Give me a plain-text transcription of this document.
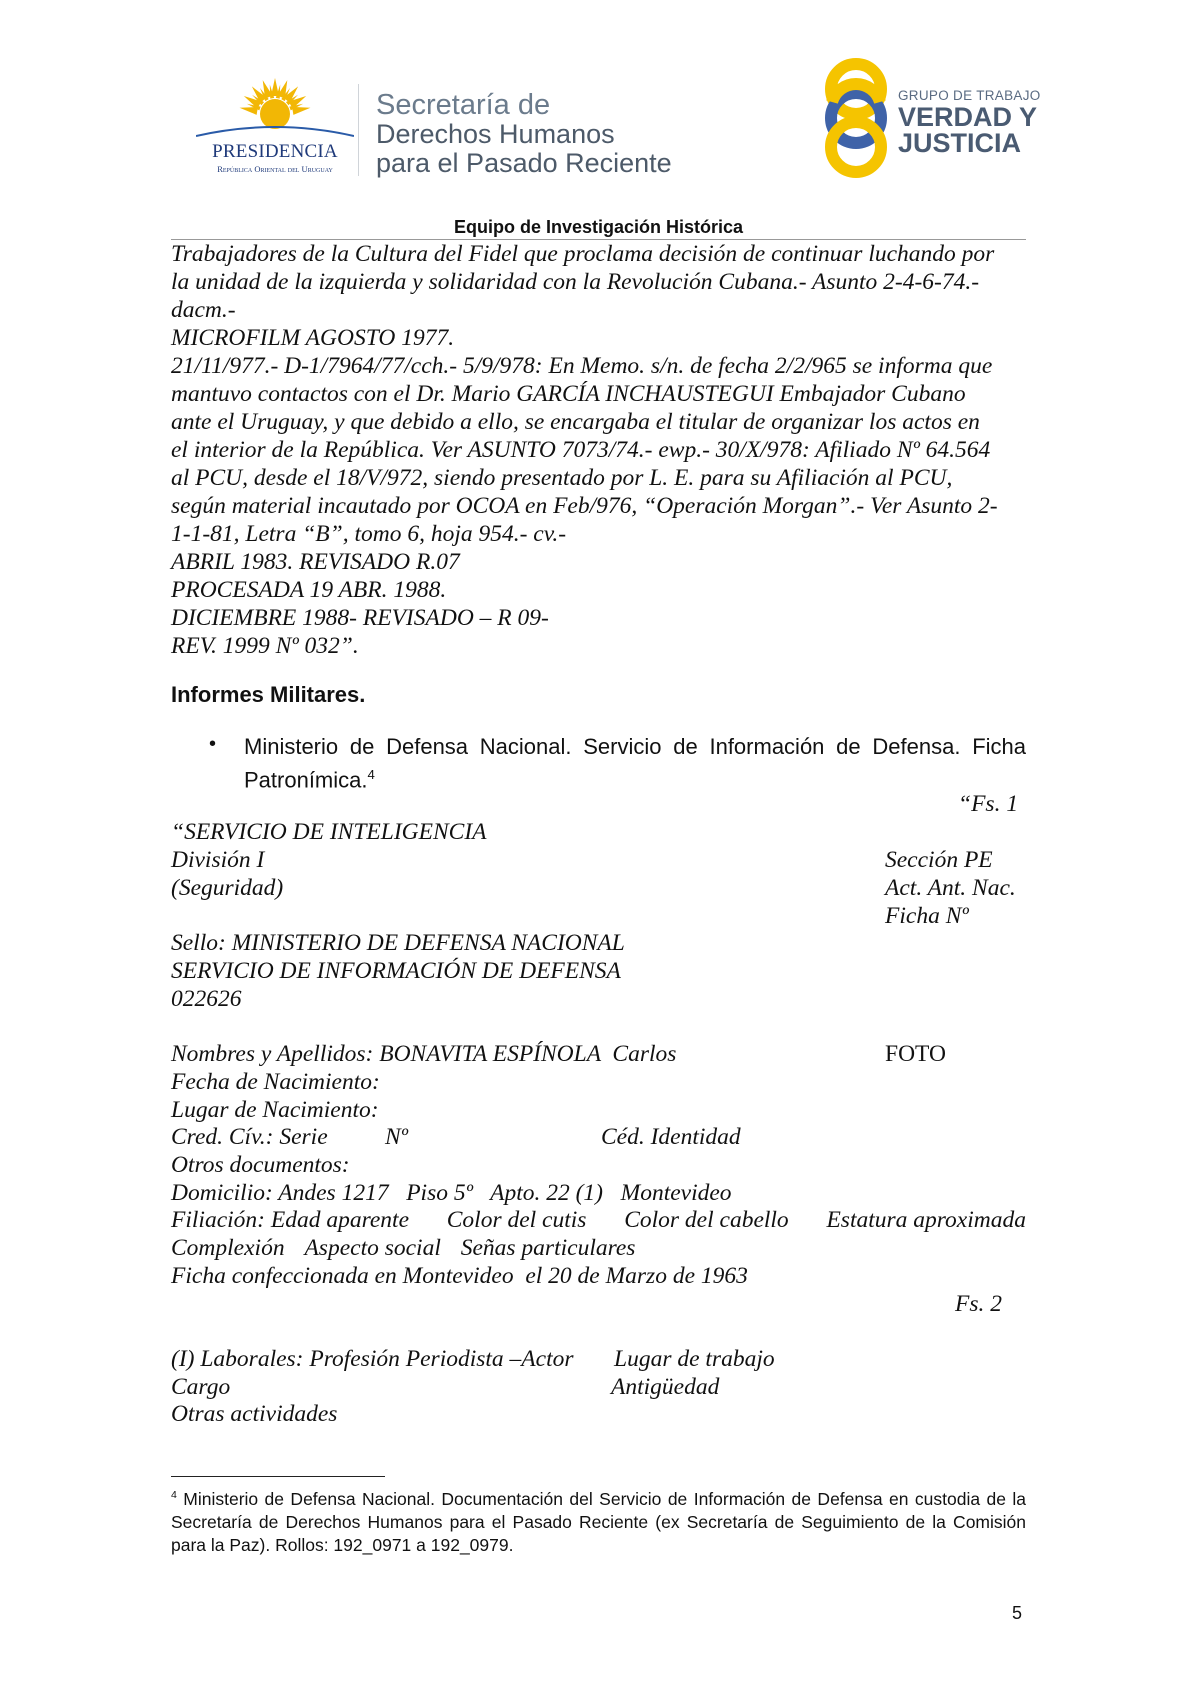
PRESIDENCIA
República Oriental del Uruguay
Secretaría de
Derechos Humanos
para el Pasado Reciente
GRUPO DE TRABAJO
VERDAD Y
JUSTICIA
Equipo de Investigación Histórica
Trabajadores de la Cultura del Fidel que proclama decisión de continuar luchando por
la unidad de la izquierda y solidaridad con la Revolución Cubana.- Asunto 2-4-6-74.-
dacm.-
MICROFILM AGOSTO 1977.
21/11/977.- D-1/7964/77/cch.- 5/9/978: En Memo. s/n. de fecha 2/2/965 se informa que
mantuvo contactos con el Dr. Mario GARCÍA INCHAUSTEGUI Embajador Cubano
ante el Uruguay, y que debido a ello, se encargaba el titular de organizar los actos en
el interior de la República. Ver ASUNTO 7073/74.- ewp.- 30/X/978: Afiliado Nº 64.564
al PCU, desde el 18/V/972, siendo presentado por L. E. para su Afiliación al PCU,
según material incautado por OCOA en Feb/976, “Operación Morgan”.- Ver Asunto 2-
1-1-81, Letra “B”, tomo 6, hoja 954.- cv.-
ABRIL 1983. REVISADO R.07
PROCESADA 19 ABR. 1988.
DICIEMBRE 1988- REVISADO – R 09-
REV. 1999 Nº 032”.
Informes Militares.
• Ministerio de Defensa Nacional. Servicio de Información de Defensa. Ficha Patronímica.$^4$
“Fs. 1
“SERVICIO DE INTELIGENCIA
División I
(Seguridad)
Sección PE
Act. Ant. Nac.
Ficha Nº
Sello: MINISTERIO DE DEFENSA NACIONAL
SERVICIO DE INFORMACIÓN DE DEFENSA
022626
Nombres y Apellidos: BONAVITA ESPÍNOLA  Carlos	FOTO
Fecha de Nacimiento:
Lugar de Nacimiento:
Cred. Cív.: Serie Nº	Céd. Identidad
Otros documentos:
Domicilio: Andes 1217   Piso 5º   Apto. 22 (1)   Montevideo
Filiación: Edad aparente Color del cutis Color del cabello Estatura aproximada
Complexión Aspecto social Señas particulares
Ficha confeccionada en Montevideo  el 20 de Marzo de 1963
Fs. 2
(I) Laborales: Profesión Periodista –Actor Lugar de trabajo
Cargo	Antigüedad
Otras actividades
$^4$ Ministerio de Defensa Nacional. Documentación del Servicio de Información de Defensa en custodia de la Secretaría de Derechos Humanos para el Pasado Reciente (ex Secretaría de Seguimiento de la Comisión para la Paz). Rollos: 192_0971 a 192_0979.
5
